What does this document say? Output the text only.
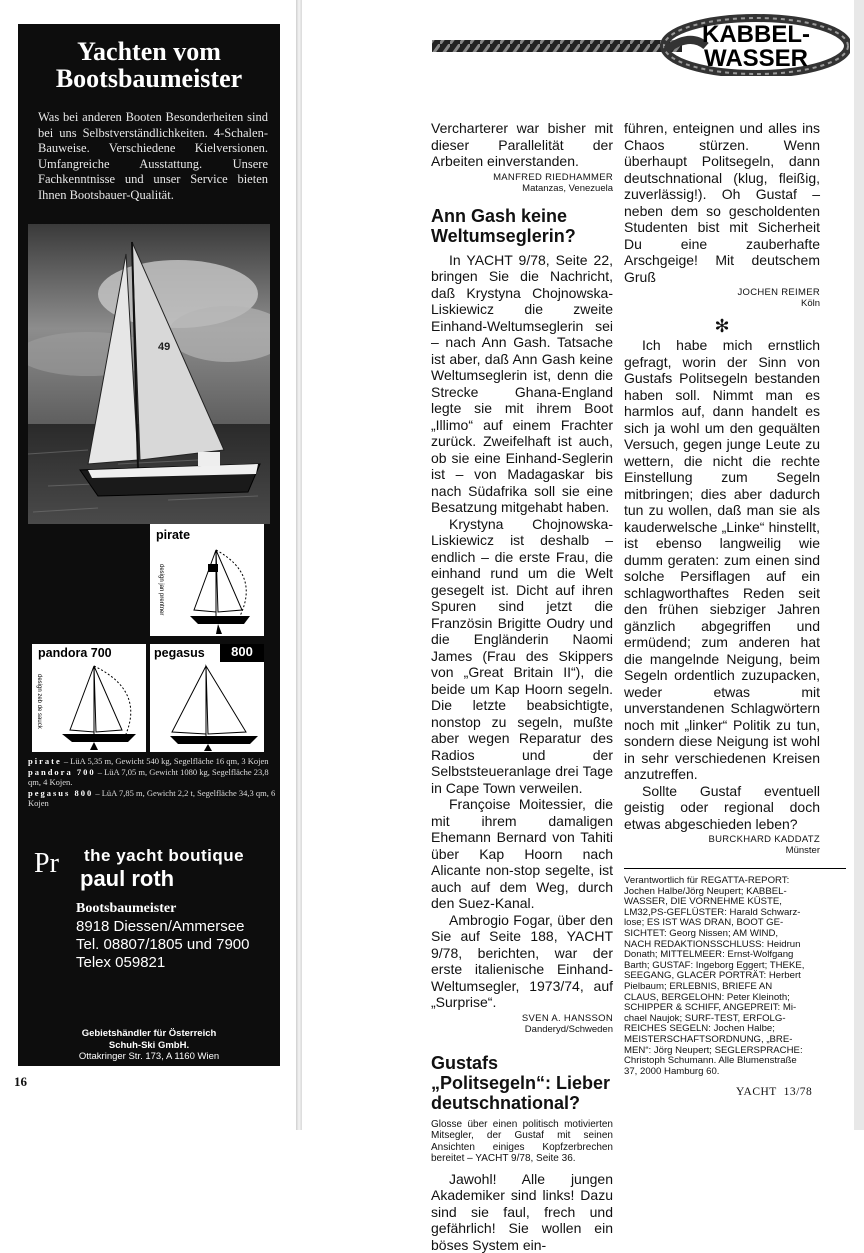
Yachten vom
Bootsbaumeister
Was bei anderen Booten Besonderheiten sind bei uns Selbstverständlichkeiten. 4-Schalen-Bauweise. Verschiedene Kielversionen. Umfangreiche Ausstattung. Unsere Fachkenntnisse und unser Service bieten Ihnen Bootsbauer-Qualität.
49
pirate
design jan prentner
pandora 700
design zeb de sauck
pegasus	800
pirate – LüA 5,35 m, Gewicht 540 kg, Segelfläche 16 qm, 3 Kojen
pandora 700 – LüA 7,05 m, Gewicht 1080 kg, Segelfläche 23,8 qm, 4 Kojen.
pegasus 800 – LüA 7,85 m, Gewicht 2,2 t, Segelfläche 34,3 qm, 6 Kojen
Pr the yacht boutique
paul roth
Bootsbaumeister
8918 Diessen/Ammersee
Tel. 08807/1805 und 7900
Telex 059821
Gebietshändler für Österreich
Schuh-Ski GmbH.
Ottakringer Str. 173, A 1160 Wien
16
KABBEL-
WASSER

Vercharterer war bisher mit dieser Parallelität der Arbeiten einverstanden.

MANFRED RIEDHAMMER
Matanzas, Venezuela
Ann Gash keine Weltumseglerin?

In YACHT 9/78, Seite 22, bringen Sie die Nachricht, daß Krystyna Chojnowska-Liskiewicz die zweite Einhand-Weltumseglerin sei – nach Ann Gash. Tatsache ist aber, daß Ann Gash keine Weltumseglerin ist, denn die Strecke Ghana-England legte sie mit ihrem Boot „Illimo“ auf einem Frachter zurück. Zweifelhaft ist auch, ob sie eine Einhand-Seglerin ist – von Madagaskar bis nach Südafrika soll sie eine Besatzung mitgehabt haben.

Krystyna Chojnowska-Liskiewicz ist deshalb – endlich – die erste Frau, die einhand rund um die Welt gesegelt ist. Dicht auf ihren Spuren sind jetzt die Französin Brigitte Oudry und die Engländerin Naomi James (Frau des Skippers von „Great Britain II“), die beide um Kap Hoorn segeln. Die letzte beabsichtigte, nonstop zu segeln, mußte aber wegen Reparatur des Radios und der Selbststeueranlage drei Tage in Cape Town verweilen.

Françoise Moitessier, die mit ihrem damaligen Ehemann Bernard von Tahiti über Kap Hoorn nach Alicante non-stop segelte, ist auch auf dem Weg, durch den Suez-Kanal.

Ambrogio Fogar, über den Sie auf Seite 188, YACHT 9/78, berichten, war der erste italienische Einhand-Weltumsegler, 1973/74, auf „Surprise“.

SVEN A. HANSSON
Danderyd/Schweden
Gustafs „Politsegeln“: Lieber deutschnational?
Glosse über einen politisch motivierten Mitsegler, der Gustaf mit seinen Ansichten einiges Kopfzerbrechen bereitet – YACHT 9/78, Seite 36.

Jawohl! Alle jungen Akademiker sind links! Dazu sind sie faul, frech und gefährlich! Sie wollen ein böses System ein-

führen, enteignen und alles ins Chaos stürzen. Wenn überhaupt Politsegeln, dann deutschnational (klug, fleißig, zuverlässig!). Oh Gustaf – neben dem so gescholdenten Studenten bist mit Sicherheit Du eine zauberhafte Arschgeige! Mit deutschem Gruß

JOCHEN REIMER
Köln
✻

Ich habe mich ernstlich gefragt, worin der Sinn von Gustafs Politsegeln bestanden haben soll. Nimmt man es harmlos auf, dann handelt es sich ja wohl um den gequälten Versuch, gegen junge Leute zu wettern, die nicht die rechte Einstellung zum Segeln mitbringen; dies aber dadurch tun zu wollen, daß man sie als kauderwelsche „Linke“ hinstellt, ist ebenso langweilig wie dumm geraten: zum einen sind solche Persiflagen auf ein schlagworthaftes Reden seit den frühen siebziger Jahren gänzlich abgegriffen und ermüdend; zum anderen hat die mangelnde Neigung, beim Segeln ordentlich zuzupacken, weder etwas mit unverstandenen Schlagwörtern noch mit „linker“ Politik zu tun, sondern diese Neigung ist wohl in sehr verschiedenen Kreisen anzutreffen.

Sollte Gustaf eventuell geistig oder regional doch etwas abgeschieden leben?

BURCKHARD KADDATZ
Münster
Verantwortlich für REGATTA-REPORT:
Jochen Halbe/Jörg Neupert; KABBEL-
WASSER, DIE VORNEHME KÜSTE,
LM32,PS-GEFLÜSTER: Harald Schwarz-
lose; ES IST WAS DRAN, BOOT GE-
SICHTET: Georg Nissen; AM WIND,
NACH REDAKTIONSSCHLUSS: Heidrun
Donath; MITTELMEER: Ernst-Wolfgang
Barth; GUSTAF: Ingeborg Eggert; THEKE,
SEEGANG, GLACER PORTRÄT: Herbert
Pielbaum; ERLEBNIS, BRIEFE AN
CLAUS, BERGELOHN: Peter Kleinoth;
SCHIPPER & SCHIFF, ANGEPREIT: Mi-
chael Naujok; SURF-TEST, ERFOLG-
REICHES SEGELN: Jochen Halbe;
MEISTERSCHAFTSORDNUNG, „BRE-
MEN“: Jörg Neupert; SEGLERSPRACHE:
Christoph Schumann. Alle Blumenstraße
37, 2000 Hamburg 60.
YACHT 13/78
